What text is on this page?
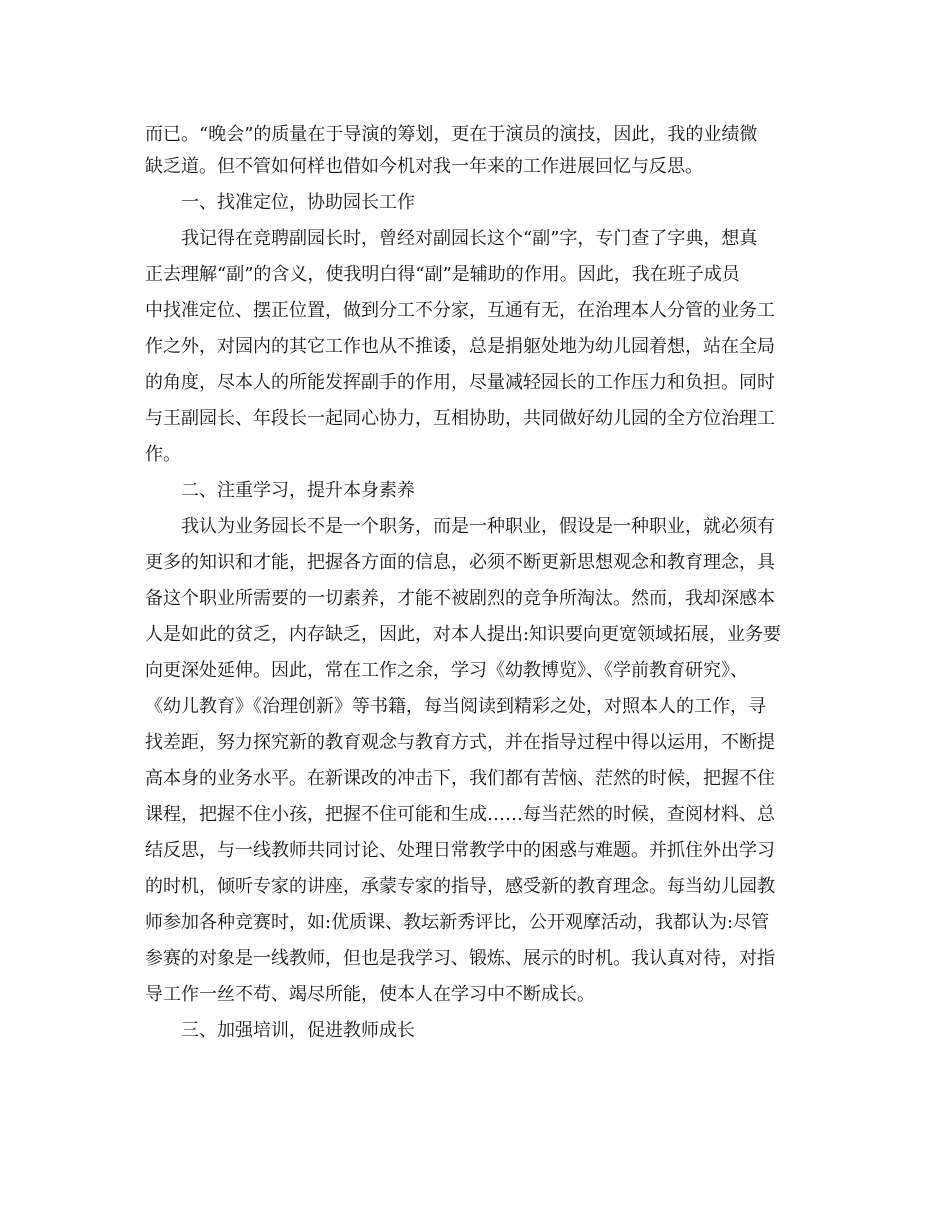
而已。“晚会”的质量在于导演的筹划，更在于演员的演技，因此，我的业绩微
缺乏道。但不管如何样也借如今机对我一年来的工作进展回忆与反思。
一、找准定位，协助园长工作
我记得在竞聘副园长时，曾经对副园长这个“副”字，专门查了字典，想真
正去理解“副”的含义，使我明白得“副”是辅助的作用。因此，我在班子成员
中找准定位、摆正位置，做到分工不分家，互通有无，在治理本人分管的业务工
作之外，对园内的其它工作也从不推诿，总是捐躯处地为幼儿园着想，站在全局
的角度，尽本人的所能发挥副手的作用，尽量减轻园长的工作压力和负担。同时
与王副园长、年段长一起同心协力，互相协助，共同做好幼儿园的全方位治理工
作。
二、注重学习，提升本身素养
我认为业务园长不是一个职务，而是一种职业，假设是一种职业，就必须有
更多的知识和才能，把握各方面的信息，必须不断更新思想观念和教育理念，具
备这个职业所需要的一切素养，才能不被剧烈的竞争所淘汰。然而，我却深感本
人是如此的贫乏，内存缺乏，因此，对本人提出:知识要向更宽领域拓展，业务要
向更深处延伸。因此，常在工作之余，学习《幼教博览》、《学前教育研究》、
《幼儿教育》《治理创新》等书籍，每当阅读到精彩之处，对照本人的工作，寻
找差距，努力探究新的教育观念与教育方式，并在指导过程中得以运用，不断提
高本身的业务水平。在新课改的冲击下，我们都有苦恼、茫然的时候，把握不住
课程，把握不住小孩，把握不住可能和生成……每当茫然的时候，查阅材料、总
结反思，与一线教师共同讨论、处理日常教学中的困惑与难题。并抓住外出学习
的时机，倾听专家的讲座，承蒙专家的指导，感受新的教育理念。每当幼儿园教
师参加各种竞赛时，如:优质课、教坛新秀评比，公开观摩活动，我都认为:尽管
参赛的对象是一线教师，但也是我学习、锻炼、展示的时机。我认真对待，对指
导工作一丝不苟、竭尽所能，使本人在学习中不断成长。
三、加强培训，促进教师成长
